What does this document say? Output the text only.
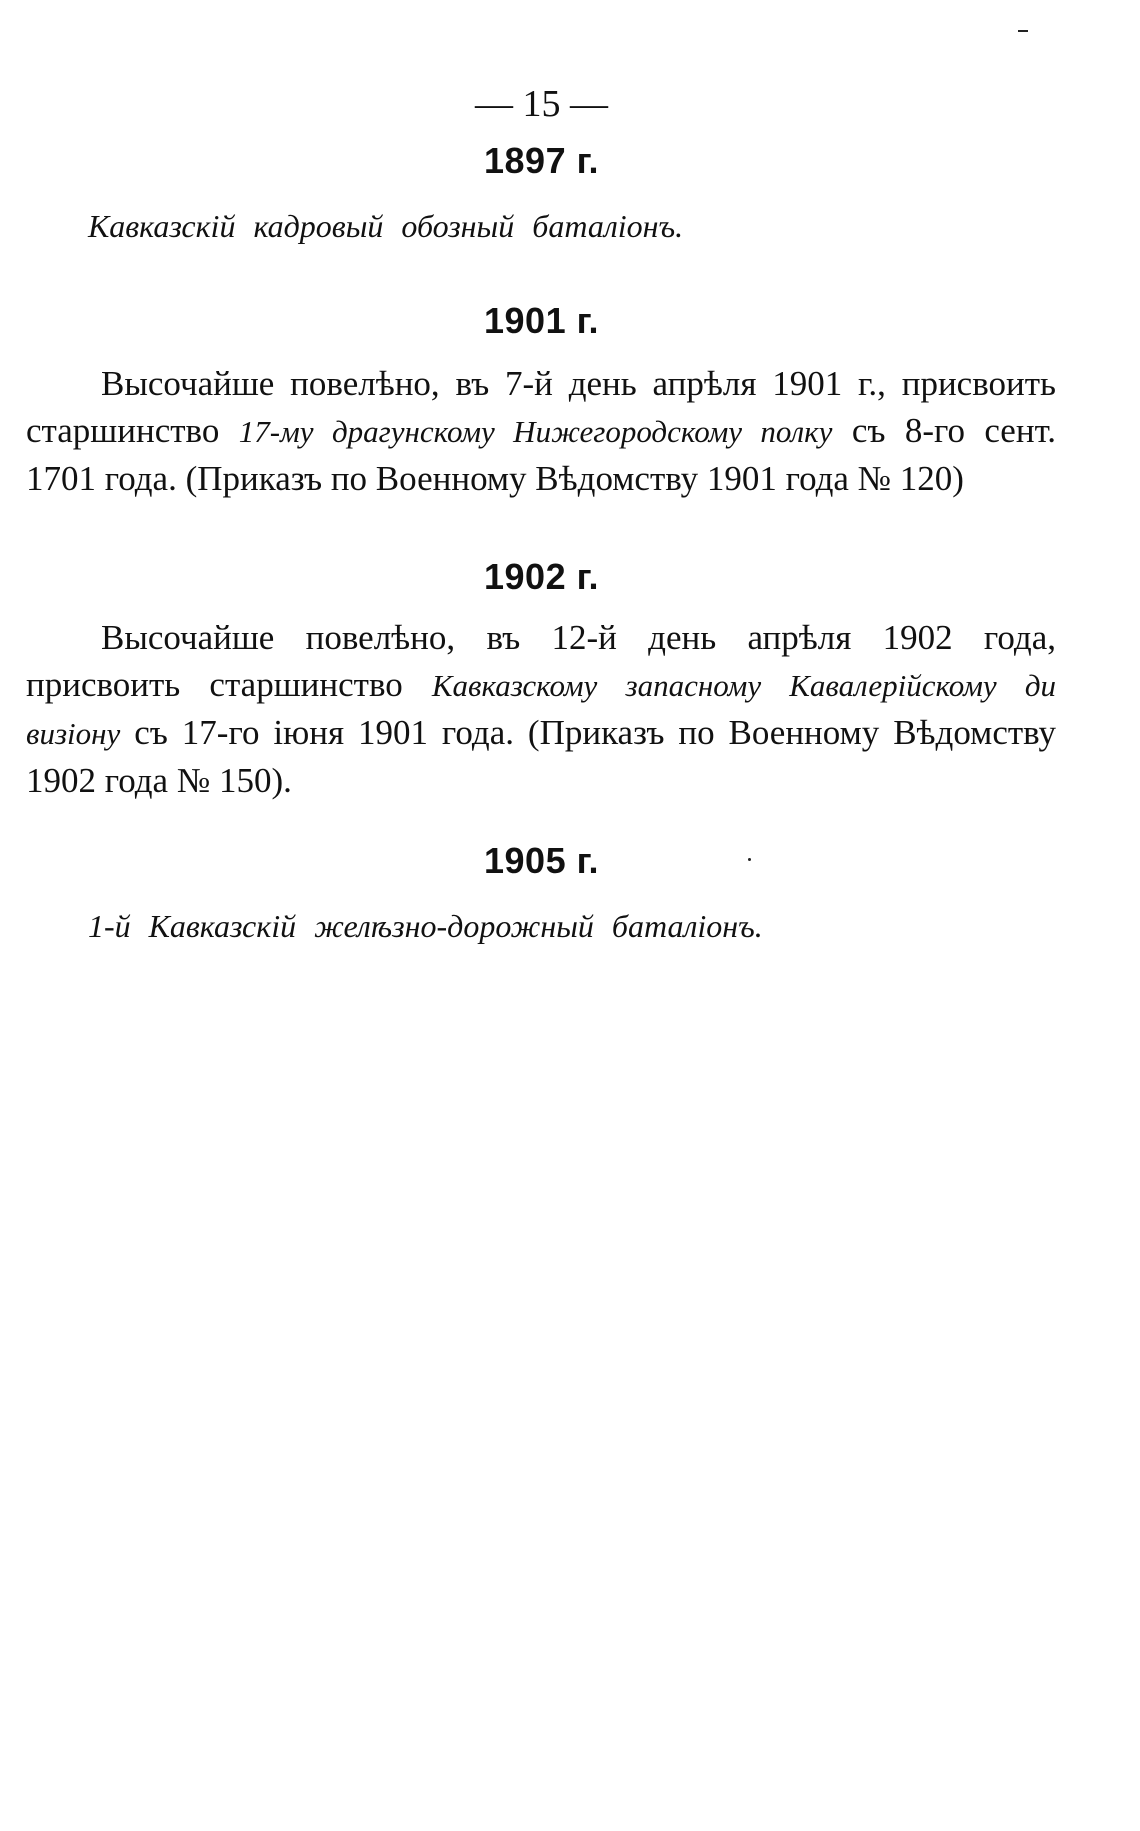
— 15 —
1897 г.
Кавказскій кадровый обозный баталіонъ.
1901 г.
Высочайше повелѣно, въ 7-й день апрѣля 1901 г., присвоить
старшинство 17-му драгунскому Нижегородскому полку съ 8-го сент.
1701 года. (Приказъ по Военному Вѣдомству 1901 года № 120)
1902 г.
Высочайше повелѣно, въ 12-й день апрѣля 1902 года,
присвоить старшинство Кавказскому запасному Кавалерійскому ди
визіону съ 17-го іюня 1901 года. (Приказъ по Военному Вѣдомству
1902 года № 150).
1905 г.
1-й Кавказскій желѣзно-дорожный баталіонъ.
